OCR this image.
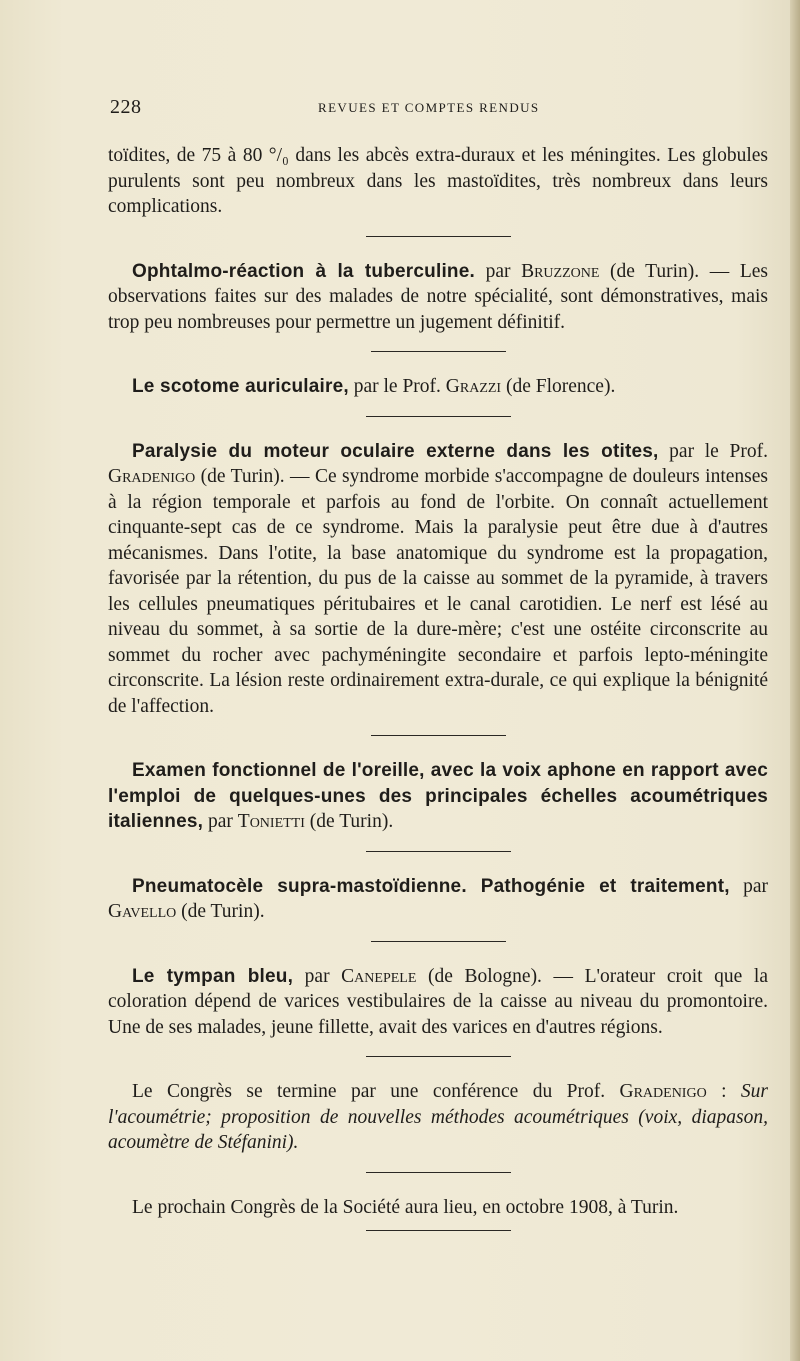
228	REVUES ET COMPTES RENDUS

toïdites, de 75 à 80 °/₀ dans les abcès extra-duraux et les méningites. Les globules purulents sont peu nombreux dans les mastoïdites, très nombreux dans leurs complications.

Ophtalmo-réaction à la tuberculine. par Bruzzone (de Turin). — Les observations faites sur des malades de notre spécialité, sont démonstratives, mais trop peu nombreuses pour permettre un jugement définitif.

Le scotome auriculaire, par le Prof. Grazzi (de Florence).

Paralysie du moteur oculaire externe dans les otites, par le Prof. Gradenigo (de Turin). — Ce syndrome morbide s'accompagne de douleurs intenses à la région temporale et parfois au fond de l'orbite. On connaît actuellement cinquante-sept cas de ce syndrome. Mais la paralysie peut être due à d'autres mécanismes. Dans l'otite, la base anatomique du syndrome est la propagation, favorisée par la rétention, du pus de la caisse au sommet de la pyramide, à travers les cellules pneumatiques péritubaires et le canal carotidien. Le nerf est lésé au niveau du sommet, à sa sortie de la dure-mère; c'est une ostéite circonscrite au sommet du rocher avec pachyméningite secondaire et parfois lepto-méningite circonscrite. La lésion reste ordinairement extra-durale, ce qui explique la bénignité de l'affection.

Examen fonctionnel de l'oreille, avec la voix aphone en rapport avec l'emploi de quelques-unes des principales échelles acoumétriques italiennes, par Tonietti (de Turin).

Pneumatocèle supra-mastoïdienne. Pathogénie et traitement, par Gavello (de Turin).

Le tympan bleu, par Canepele (de Bologne). — L'orateur croit que la coloration dépend de varices vestibulaires de la caisse au niveau du promontoire. Une de ses malades, jeune fillette, avait des varices en d'autres régions.

Le Congrès se termine par une conférence du Prof. Gradenigo : Sur l'acoumétrie; proposition de nouvelles méthodes acoumétriques (voix, diapason, acoumètre de Stéfanini).

Le prochain Congrès de la Société aura lieu, en octobre 1908, à Turin.
